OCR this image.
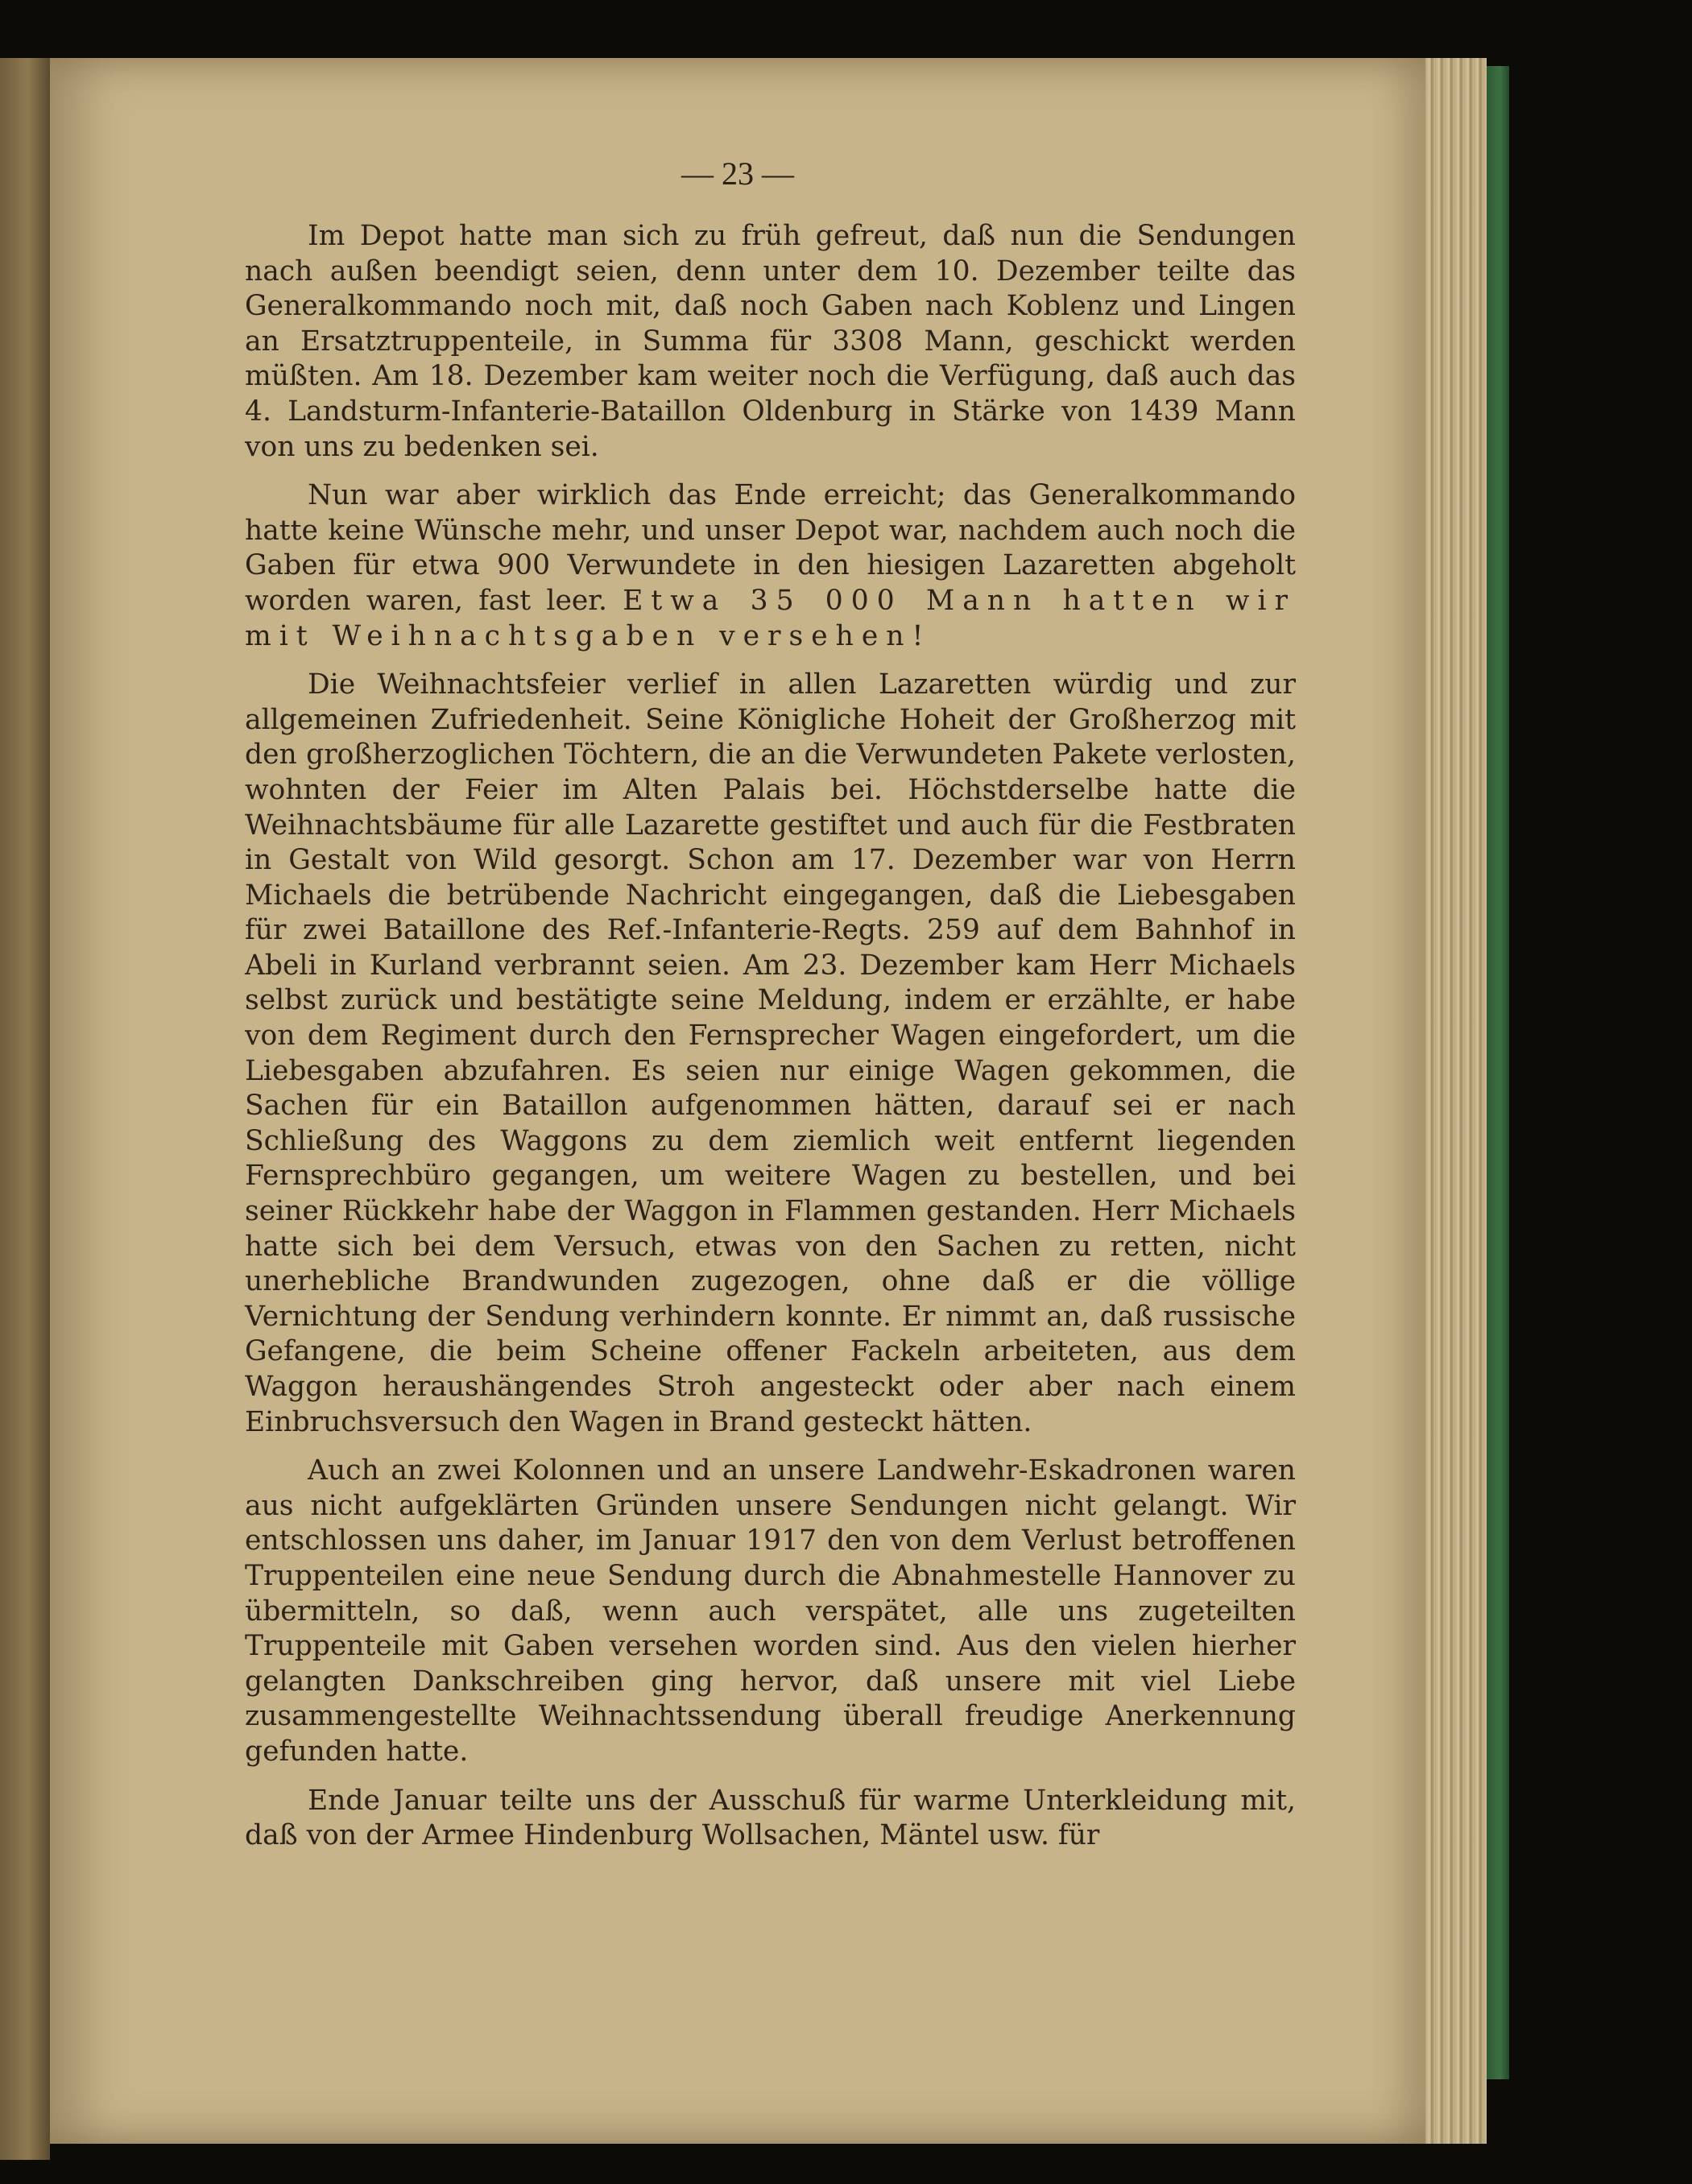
— 23 —

Im Depot hatte man sich zu früh gefreut, daß nun die Sendungen nach außen beendigt seien, denn unter dem 10. Dezember teilte das Generalkommando noch mit, daß noch Gaben nach Koblenz und Lingen an Ersatztruppenteile, in Summa für 3308 Mann, geschickt werden müßten. Am 18. Dezember kam weiter noch die Verfügung, daß auch das 4. Landsturm-Infanterie-Bataillon Oldenburg in Stärke von 1439 Mann von uns zu bedenken sei.

Nun war aber wirklich das Ende erreicht; das Generalkommando hatte keine Wünsche mehr, und unser Depot war, nachdem auch noch die Gaben für etwa 900 Verwundete in den hiesigen Lazaretten abgeholt worden waren, fast leer. Etwa 35 000 Mann hatten wir mit Weihnachtsgaben versehen!

Die Weihnachtsfeier verlief in allen Lazaretten würdig und zur allgemeinen Zufriedenheit. Seine Königliche Hoheit der Großherzog mit den großherzoglichen Töchtern, die an die Verwundeten Pakete verlosten, wohnten der Feier im Alten Palais bei. Höchstderselbe hatte die Weihnachtsbäume für alle Lazarette gestiftet und auch für die Festbraten in Gestalt von Wild gesorgt. Schon am 17. Dezember war von Herrn Michaels die betrübende Nachricht eingegangen, daß die Liebesgaben für zwei Bataillone des Ref.-Infanterie-Regts. 259 auf dem Bahnhof in Abeli in Kurland verbrannt seien. Am 23. Dezember kam Herr Michaels selbst zurück und bestätigte seine Meldung, indem er erzählte, er habe von dem Regiment durch den Fernsprecher Wagen eingefordert, um die Liebesgaben abzufahren. Es seien nur einige Wagen gekommen, die Sachen für ein Bataillon aufgenommen hätten, darauf sei er nach Schließung des Waggons zu dem ziemlich weit entfernt liegenden Fernsprechbüro gegangen, um weitere Wagen zu bestellen, und bei seiner Rückkehr habe der Waggon in Flammen gestanden. Herr Michaels hatte sich bei dem Versuch, etwas von den Sachen zu retten, nicht unerhebliche Brandwunden zugezogen, ohne daß er die völlige Vernichtung der Sendung verhindern konnte. Er nimmt an, daß russische Gefangene, die beim Scheine offener Fackeln arbeiteten, aus dem Waggon heraushängendes Stroh angesteckt oder aber nach einem Einbruchsversuch den Wagen in Brand gesteckt hätten.

Auch an zwei Kolonnen und an unsere Landwehr-Eskadronen waren aus nicht aufgeklärten Gründen unsere Sendungen nicht gelangt. Wir entschlossen uns daher, im Januar 1917 den von dem Verlust betroffenen Truppenteilen eine neue Sendung durch die Abnahmestelle Hannover zu übermitteln, so daß, wenn auch verspätet, alle uns zugeteilten Truppenteile mit Gaben versehen worden sind. Aus den vielen hierher gelangten Dankschreiben ging hervor, daß unsere mit viel Liebe zusammengestellte Weihnachtssendung überall freudige Anerkennung gefunden hatte.

Ende Januar teilte uns der Ausschuß für warme Unterkleidung mit, daß von der Armee Hindenburg Wollsachen, Mäntel usw. für
